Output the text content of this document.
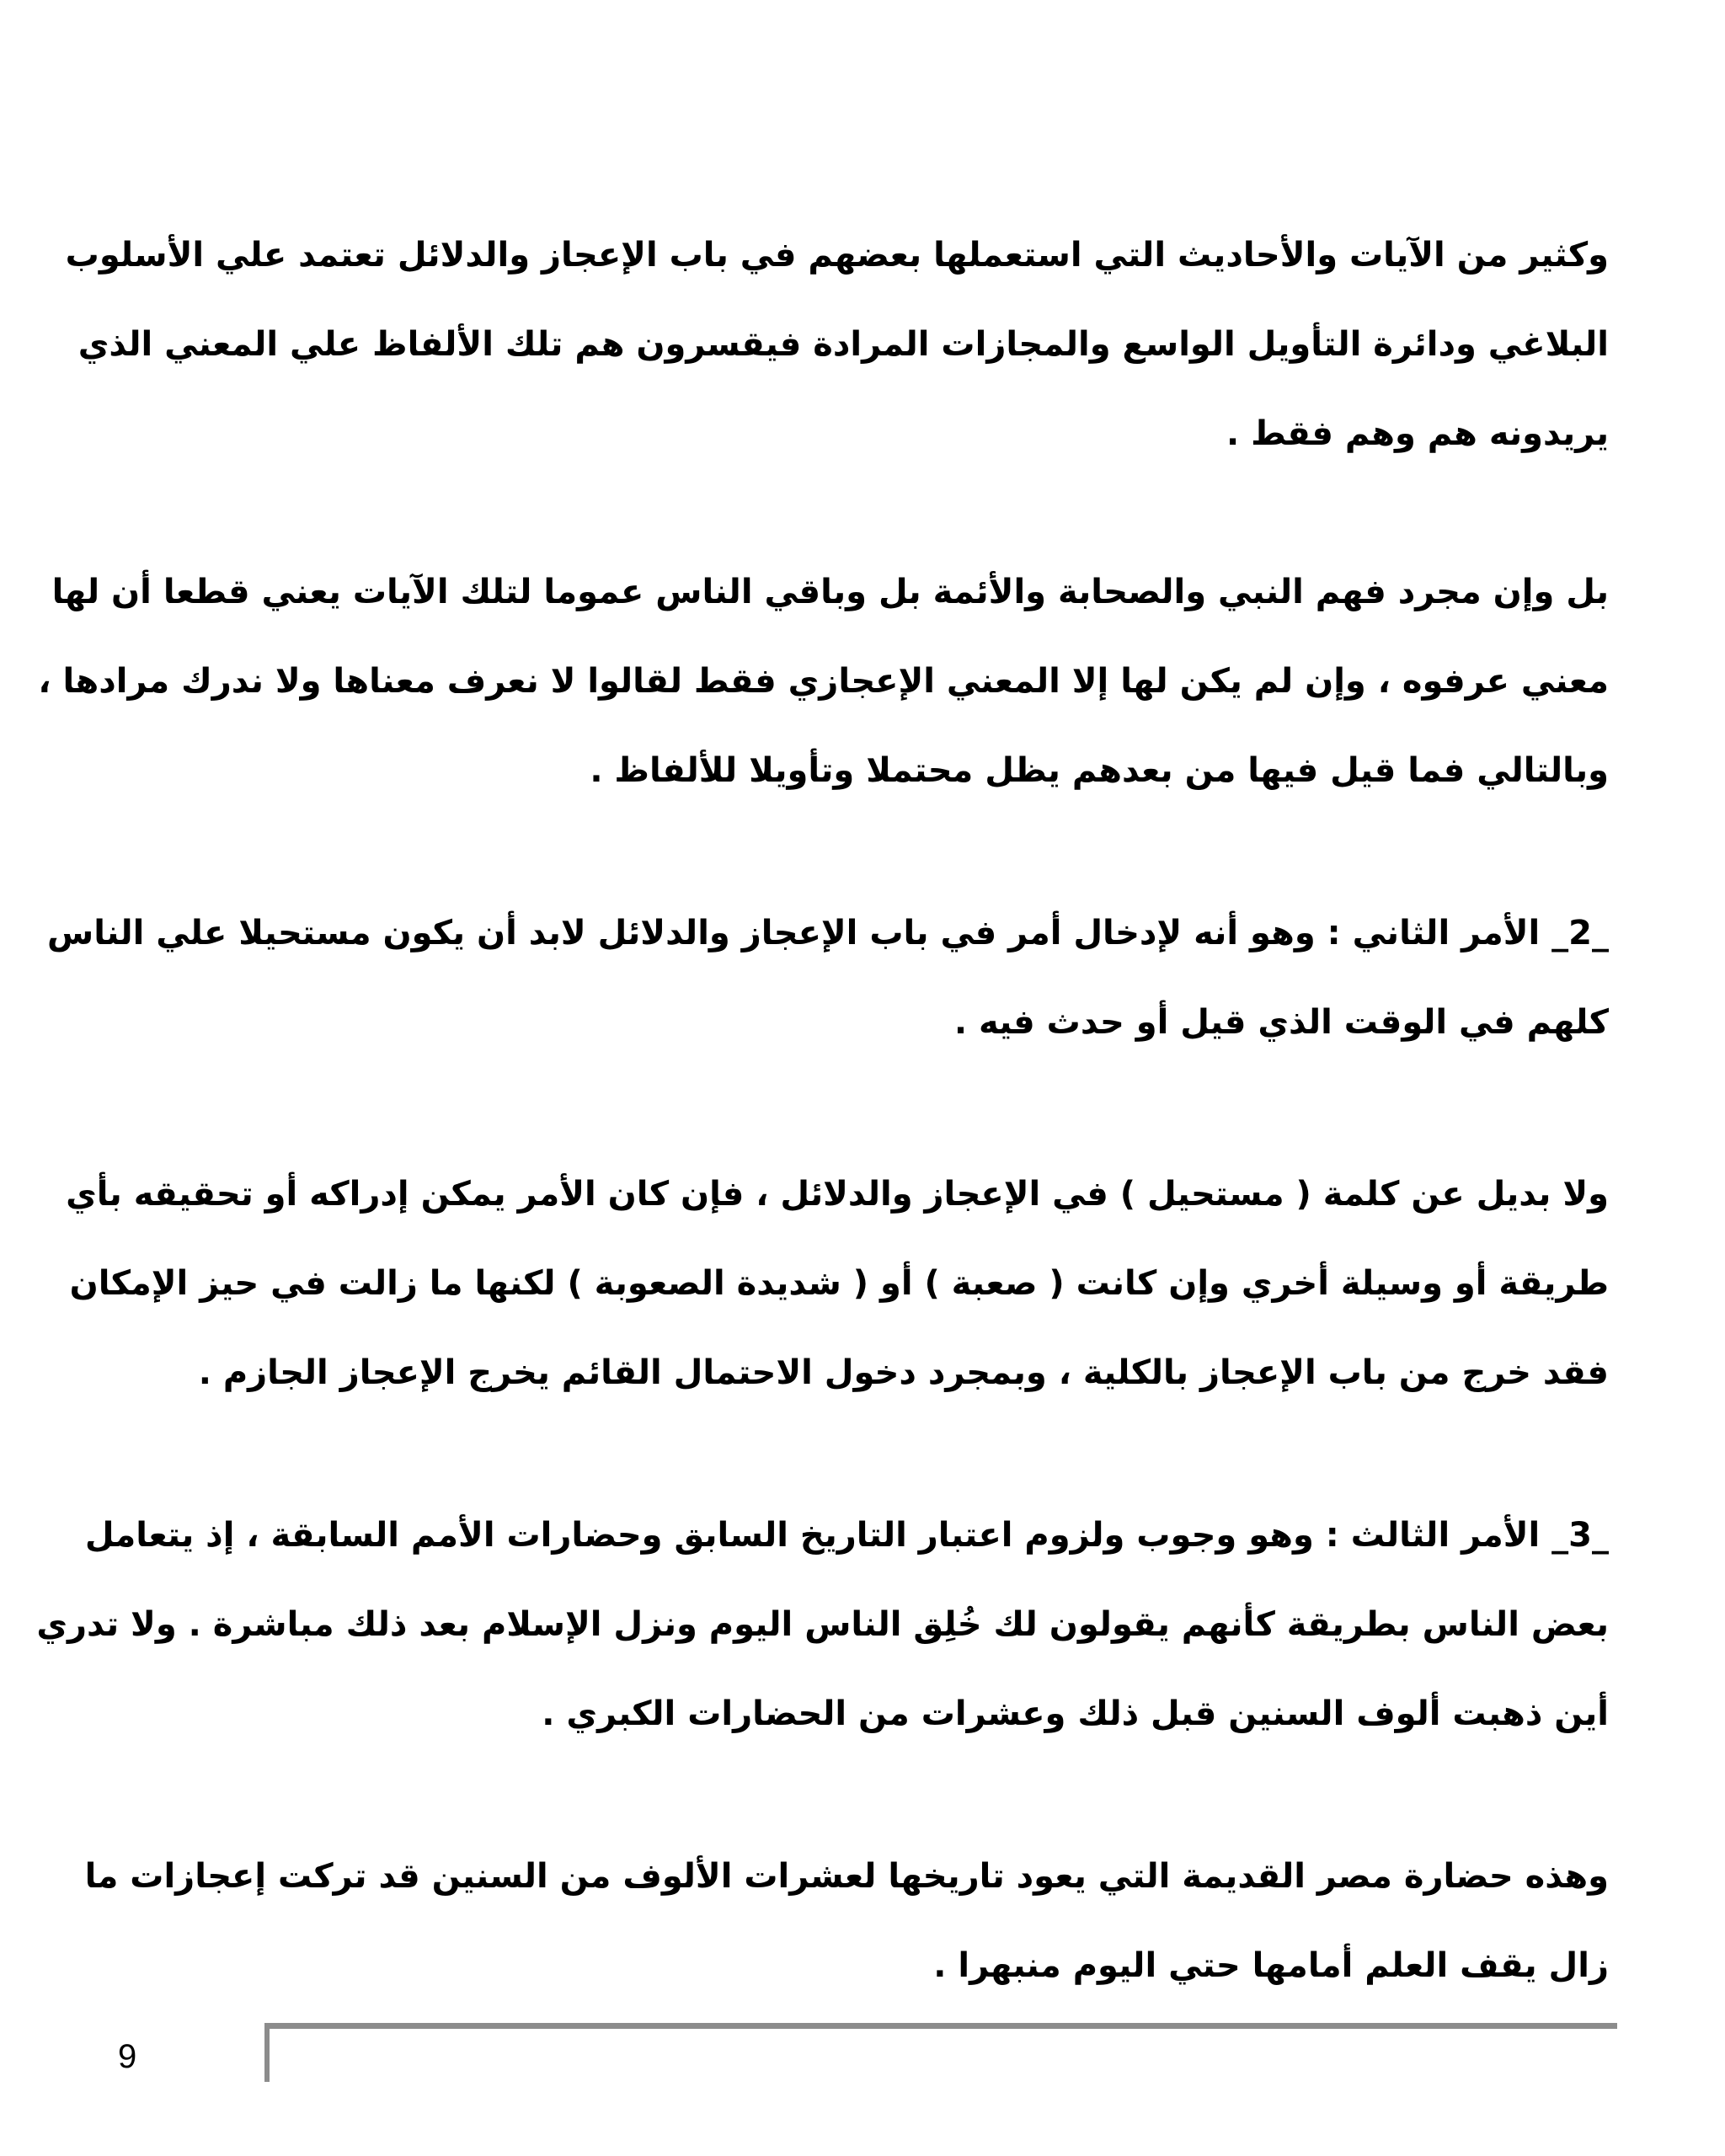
وكثير من الآيات والأحاديث التي استعملها بعضهم في باب الإعجاز والدلائل تعتمد علي الأسلوب
البلاغي ودائرة التأويل الواسع والمجازات المرادة فيقسرون هم تلك الألفاظ علي المعني الذي
يريدونه هم وهم فقط .
بل وإن مجرد فهم النبي والصحابة والأئمة بل وباقي الناس عموما لتلك الآيات يعني قطعا أن لها
معني عرفوه ، وإن لم يكن لها إلا المعني الإعجازي فقط لقالوا لا نعرف معناها ولا ندرك مرادها ،
وبالتالي فما قيل فيها من بعدهم يظل محتملا وتأويلا للألفاظ .
_2_ الأمر الثاني : وهو أنه لإدخال أمر في باب الإعجاز والدلائل لابد أن يكون مستحيلا علي الناس
كلهم في الوقت الذي قيل أو حدث فيه .
ولا بديل عن كلمة ( مستحيل ) في الإعجاز والدلائل ، فإن كان الأمر يمكن إدراكه أو تحقيقه بأي
طريقة أو وسيلة أخري وإن كانت ( صعبة ) أو ( شديدة الصعوبة ) لكنها ما زالت في حيز الإمكان
فقد خرج من باب الإعجاز بالكلية ، وبمجرد دخول الاحتمال القائم يخرج الإعجاز الجازم .
_3_ الأمر الثالث : وهو وجوب ولزوم اعتبار التاريخ السابق وحضارات الأمم السابقة ، إذ يتعامل
بعض الناس بطريقة كأنهم يقولون لك خُلِق الناس اليوم ونزل الإسلام بعد ذلك مباشرة . ولا تدري
أين ذهبت ألوف السنين قبل ذلك وعشرات من الحضارات الكبري .
وهذه حضارة مصر القديمة التي يعود تاريخها لعشرات الألوف من السنين قد تركت إعجازات ما
زال يقف العلم أمامها حتي اليوم منبهرا .
9
